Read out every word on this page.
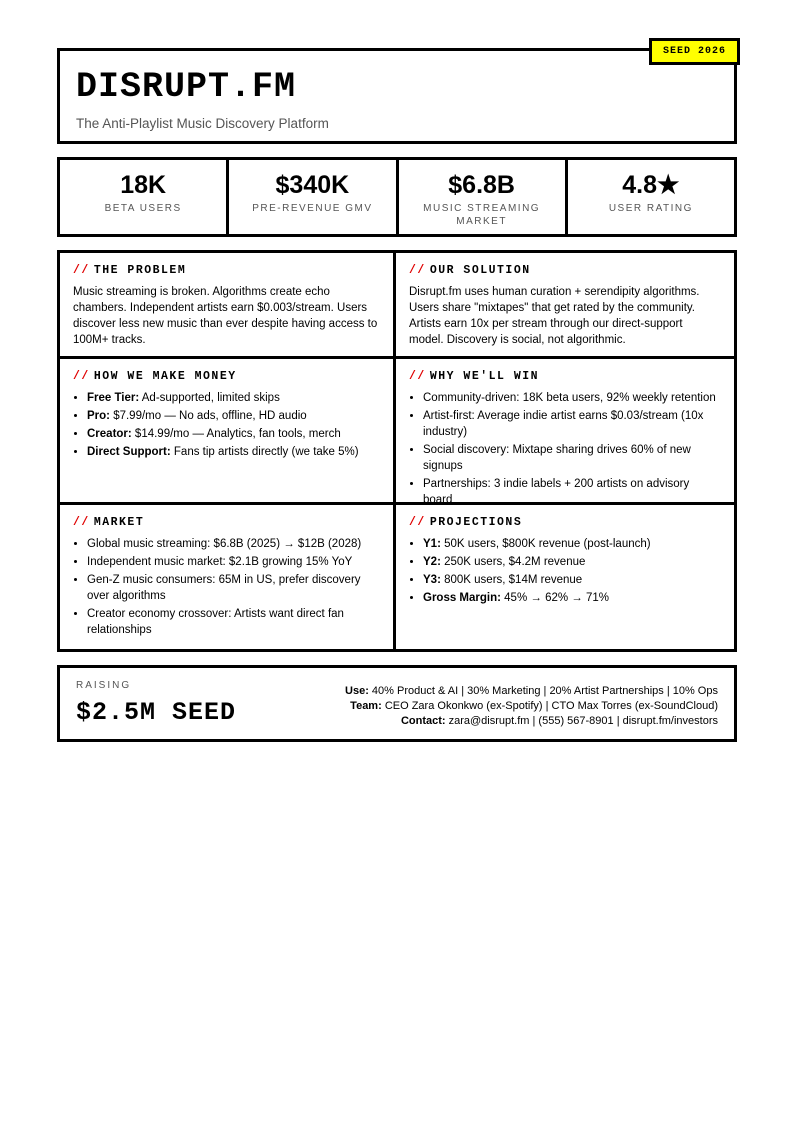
SEED 2026
DISRUPT.FM
The Anti-Playlist Music Discovery Platform
18K
BETA USERS
$340K
PRE-REVENUE GMV
$6.8B
MUSIC STREAMING MARKET
4.8★
USER RATING
// THE PROBLEM
Music streaming is broken. Algorithms create echo chambers. Independent artists earn $0.003/stream. Users discover less new music than ever despite having access to 100M+ tracks.
// OUR SOLUTION
Disrupt.fm uses human curation + serendipity algorithms. Users share "mixtapes" that get rated by the community. Artists earn 10x per stream through our direct-support model. Discovery is social, not algorithmic.
// HOW WE MAKE MONEY
• Free Tier: Ad-supported, limited skips
• Pro: $7.99/mo — No ads, offline, HD audio
• Creator: $14.99/mo — Analytics, fan tools, merch
• Direct Support: Fans tip artists directly (we take 5%)
// WHY WE'LL WIN
• Community-driven: 18K beta users, 92% weekly retention
• Artist-first: Average indie artist earns $0.03/stream (10x industry)
• Social discovery: Mixtape sharing drives 60% of new signups
• Partnerships: 3 indie labels + 200 artists on advisory board
// MARKET
• Global music streaming: $6.8B (2025) → $12B (2028)
• Independent music market: $2.1B growing 15% YoY
• Gen-Z music consumers: 65M in US, prefer discovery over algorithms
• Creator economy crossover: Artists want direct fan relationships
// PROJECTIONS
• Y1: 50K users, $800K revenue (post-launch)
• Y2: 250K users, $4.2M revenue
• Y3: 800K users, $14M revenue
• Gross Margin: 45% → 62% → 71%
RAISING
$2.5M SEED
Use: 40% Product & AI | 30% Marketing | 20% Artist Partnerships | 10% Ops
Team: CEO Zara Okonkwo (ex-Spotify) | CTO Max Torres (ex-SoundCloud)
Contact: zara@disrupt.fm | (555) 567-8901 | disrupt.fm/investors
